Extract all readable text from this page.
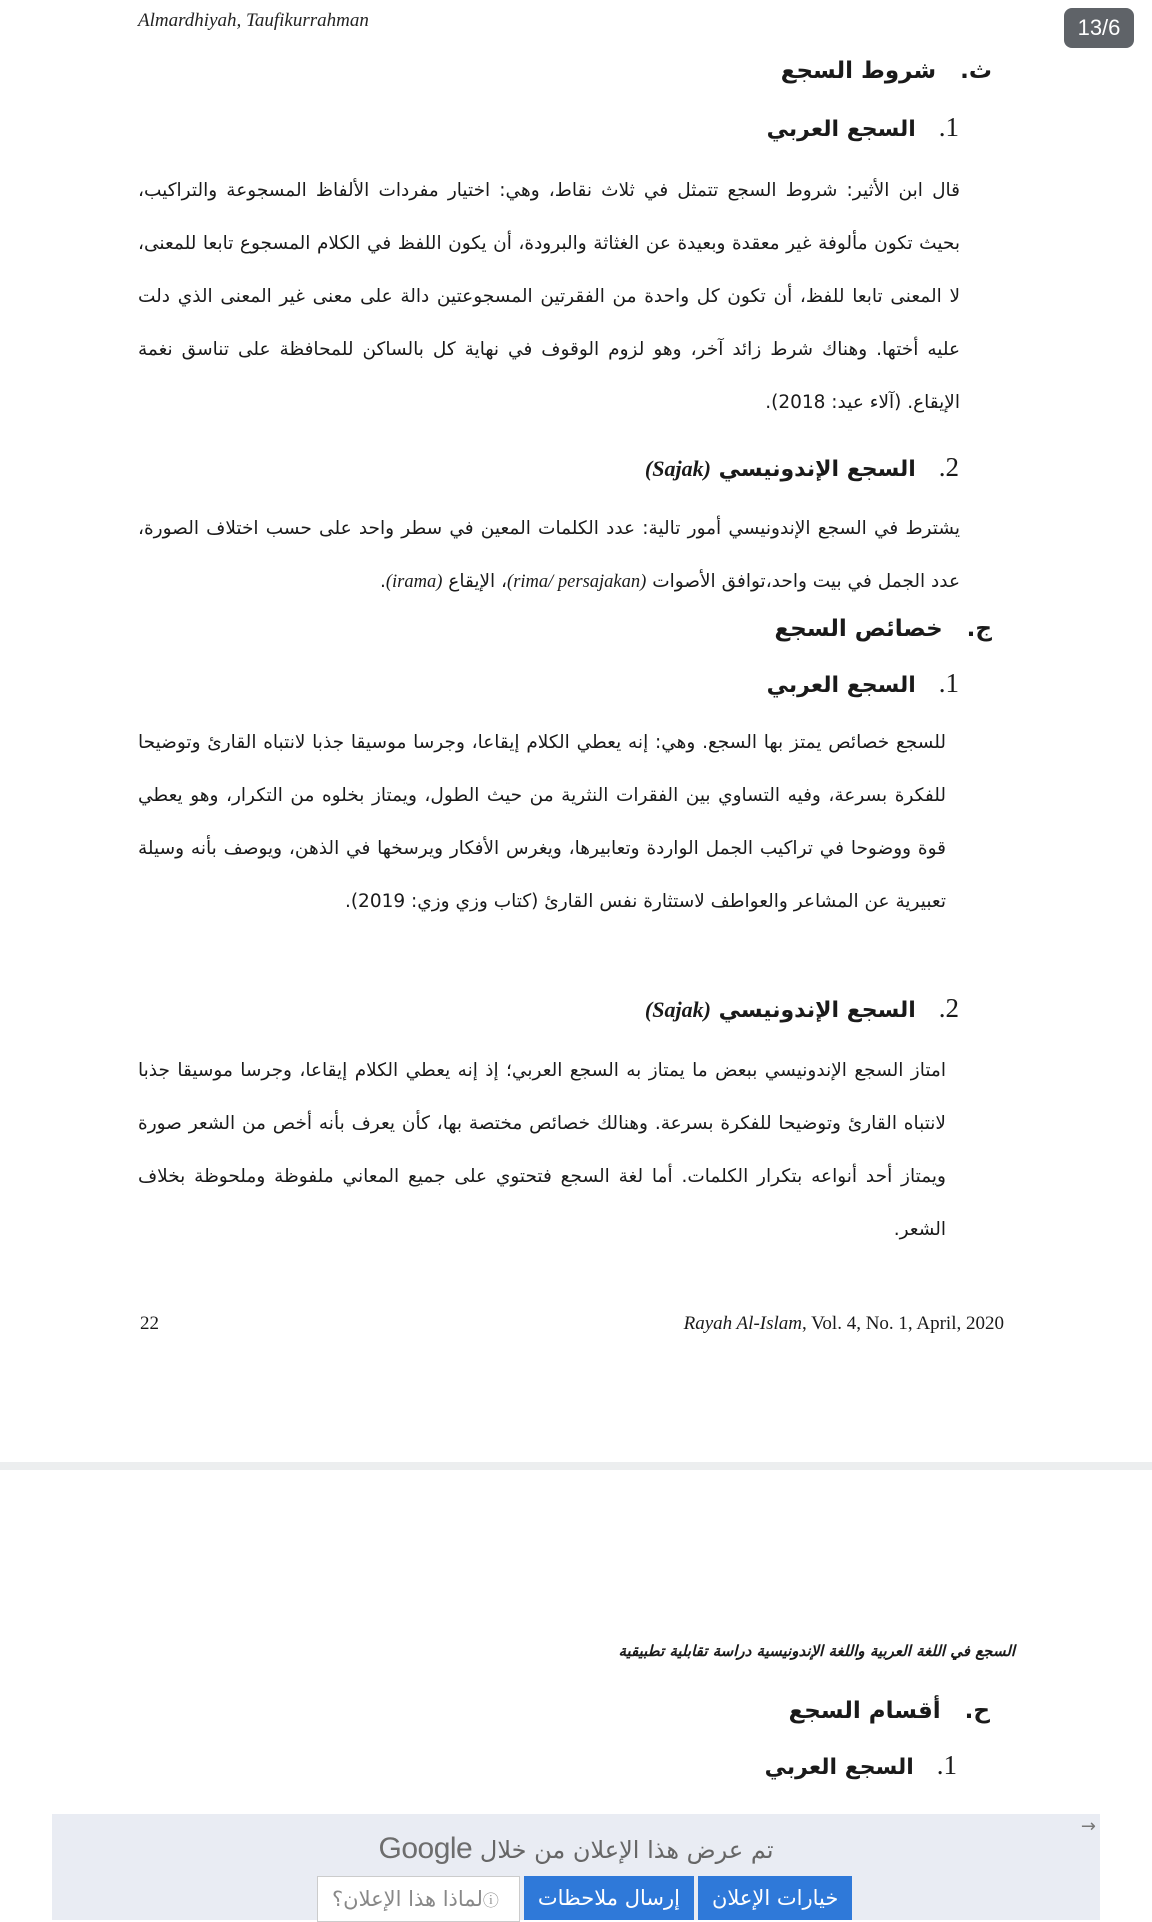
Almardhiyah, Taufikurrahman	13/6
ث.   شروط السجع
1.   السجع العربي
قال ابن الأثير: شروط السجع تتمثل في ثلاث نقاط، وهي: اختيار مفردات الألفاظ المسجوعة والتراكيب، بحيث تكون مألوفة غير معقدة وبعيدة عن الغثاثة والبرودة، أن يكون اللفظ في الكلام المسجوع تابعا للمعنى، لا المعنى تابعا للفظ، أن تكون كل واحدة من الفقرتين المسجوعتين دالة على معنى غير المعنى الذي دلت عليه أختها. وهناك شرط زائد آخر، وهو لزوم الوقوف في نهاية كل بالساكن للمحافظة على تناسق نغمة الإيقاع. (آلاء عيد: 2018).
2.   السجع الإندونيسي (Sajak)
يشترط في السجع الإندونيسي أمور تالية: عدد الكلمات المعين في سطر واحد على حسب اختلاف الصورة، عدد الجمل في بيت واحد،توافق الأصوات (rima/ persajakan)، الإيقاع (irama).
ج.   خصائص السجع
1.   السجع العربي
للسجع خصائص يمتز بها السجع. وهي: إنه يعطي الكلام إيقاعا، وجرسا موسيقا جذبا لانتباه القارئ وتوضيحا للفكرة بسرعة، وفيه التساوي بين الفقرات النثرية من حيث الطول، ويمتاز بخلوه من التكرار، وهو يعطي قوة ووضوحا في تراكيب الجمل الواردة وتعابيرها، ويغرس الأفكار ويرسخها في الذهن، ويوصف بأنه وسيلة تعبيرية عن المشاعر والعواطف لاستثارة نفس القارئ (كتاب وزي وزي: 2019).
2.   السجع الإندونيسي (Sajak)
امتاز السجع الإندونيسي ببعض ما يمتاز به السجع العربي؛ إذ إنه يعطي الكلام إيقاعا، وجرسا موسيقا جذبا لانتباه القارئ وتوضيحا للفكرة بسرعة. وهنالك خصائص مختصة بها، كأن يعرف بأنه أخص من الشعر صورة ويمتاز أحد أنواعه بتكرار الكلمات. أما لغة السجع فتحتوي على جميع المعاني ملفوظة وملحوظة بخلاف الشعر.
22	Rayah Al-Islam, Vol. 4, No. 1, April, 2020
السجع في اللغة العربية واللغة الإندونيسية دراسة تقابلية تطبيقية
ح.   أقسام السجع
1.   السجع العربي
→
تم عرض هذا الإعلان من خلال Google
ⓘ
لماذا هذا الإعلان؟	إرسال ملاحظات	خيارات الإعلان
